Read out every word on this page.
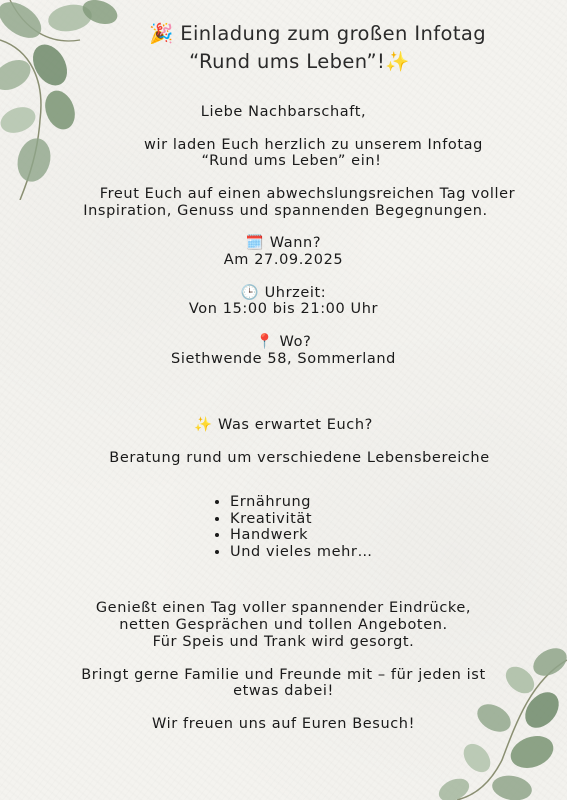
🎉 Einladung zum großen Infotag
“Rund ums Leben”!✨
Liebe Nachbarschaft,
wir laden Euch herzlich zu unserem Infotag
“Rund ums Leben” ein!
Freut Euch auf einen abwechslungsreichen Tag voller
Inspiration, Genuss und spannenden Begegnungen.
🗓️ Wann?
Am 27.09.2025
🕒 Uhrzeit:
Von 15:00 bis 21:00 Uhr
📍 Wo?
Siethwende 58, Sommerland
✨ Was erwartet Euch?
Beratung rund um verschiedene Lebensbereiche
• Ernährung
• Kreativität
• Handwerk
• Und vieles mehr…
Genießt einen Tag voller spannender Eindrücke,
netten Gesprächen und tollen Angeboten.
Für Speis und Trank wird gesorgt.
Bringt gerne Familie und Freunde mit – für jeden ist
etwas dabei!
Wir freuen uns auf Euren Besuch!
